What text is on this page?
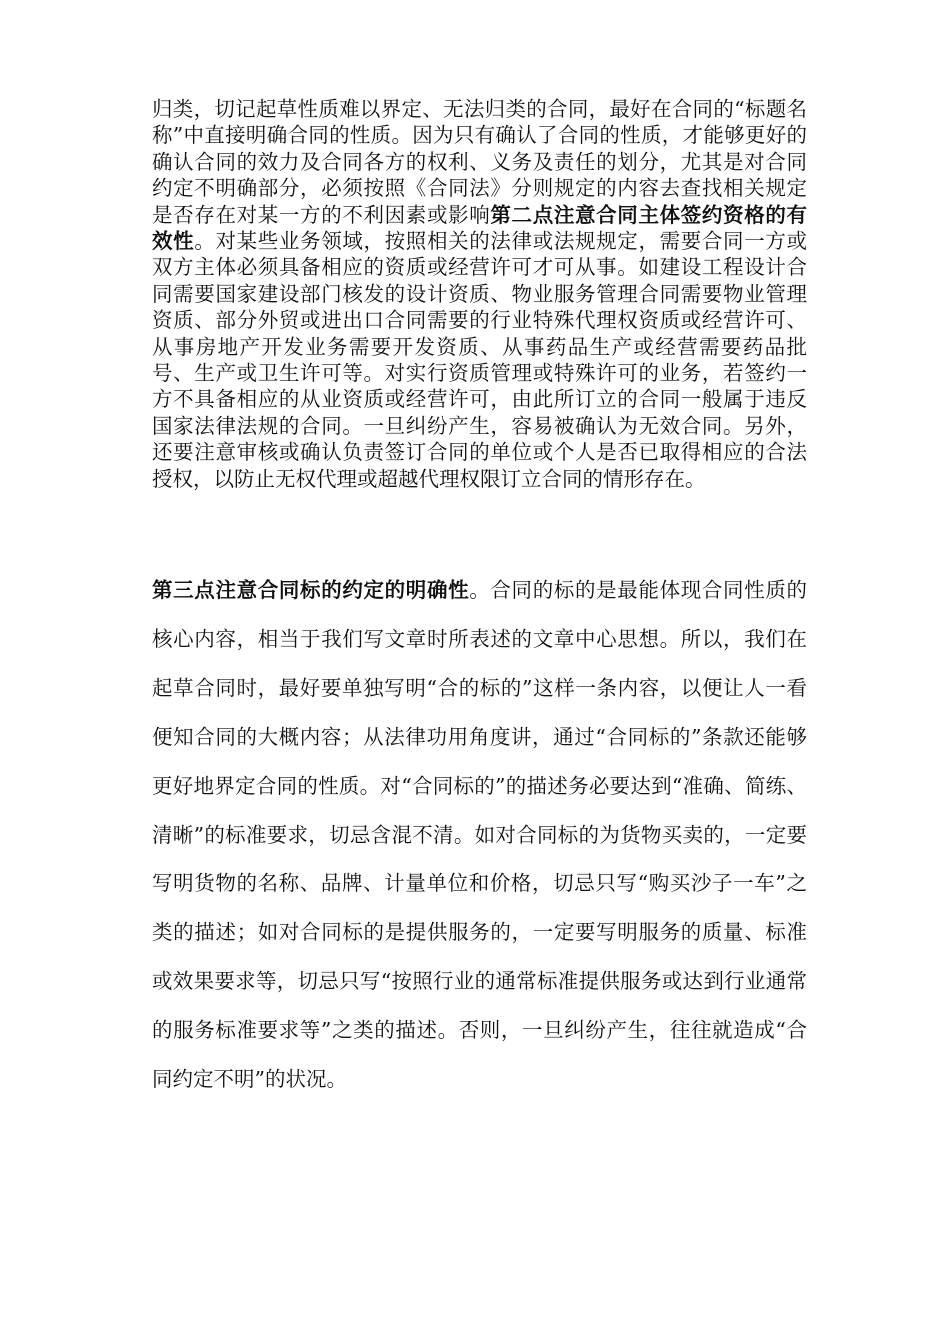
归类，切记起草性质难以界定、无法归类的合同，最好在合同的“标题名称”中直接明确合同的性质。因为只有确认了合同的性质，才能够更好的确认合同的效力及合同各方的权利、义务及责任的划分，尤其是对合同约定不明确部分，必须按照《合同法》分则规定的内容去查找相关规定是否存在对某一方的不利因素或影响第二点注意合同主体签约资格的有效性。对某些业务领域，按照相关的法律或法规规定，需要合同一方或双方主体必须具备相应的资质或经营许可才可从事。如建设工程设计合同需要国家建设部门核发的设计资质、物业服务管理合同需要物业管理资质、部分外贸或进出口合同需要的行业特殊代理权资质或经营许可、从事房地产开发业务需要开发资质、从事药品生产或经营需要药品批号、生产或卫生许可等。对实行资质管理或特殊许可的业务，若签约一方不具备相应的从业资质或经营许可，由此所订立的合同一般属于违反国家法律法规的合同。一旦纠纷产生，容易被确认为无效合同。另外，还要注意审核或确认负责签订合同的单位或个人是否已取得相应的合法授权，以防止无权代理或超越代理权限订立合同的情形存在。

第三点注意合同标的约定的明确性。合同的标的是最能体现合同性质的核心内容，相当于我们写文章时所表述的文章中心思想。所以，我们在起草合同时，最好要单独写明“合的标的”这样一条内容，以便让人一看便知合同的大概内容；从法律功用角度讲，通过“合同标的”条款还能够更好地界定合同的性质。对“合同标的”的描述务必要达到“准确、简练、清晰”的标准要求，切忌含混不清。如对合同标的为货物买卖的，一定要写明货物的名称、品牌、计量单位和价格，切忌只写“购买沙子一车”之类的描述；如对合同标的是提供服务的，一定要写明服务的质量、标准或效果要求等，切忌只写“按照行业的通常标准提供服务或达到行业通常的服务标准要求等”之类的描述。否则，一旦纠纷产生，往往就造成“合同约定不明”的状况。
